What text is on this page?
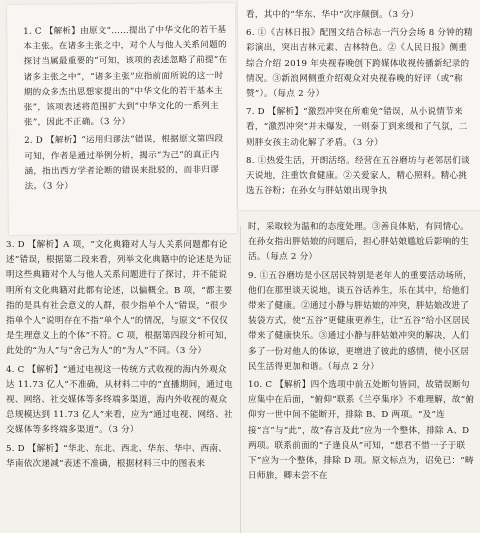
1. C 【解析】由原文“……提出了中华文化的若干基本主张。在诸多主张之中，对个人与他人关系问题的探讨当属最重要的”可知，该项的表述忽略了前提“在诸多主张之中”，“诸多主张”应指前面所说的这一时期的众多杰出思想家提出的“中华文化的若干基本主张”，该项表述将范围扩大到“中华文化的一系列主张”，因此不正确。（3 分）

2. D 【解析】“运用归谬法”错误，根据原文第四段可知，作者是通过举例分析，揭示“为己”的真正内涵，指出西方学者论断的错误来批驳的，而非归谬法。（3 分）

看，其中的“华东、华中”次序颠倒。（3 分）

6. ①《吉林日报》配图文结合标志一汽分会场 8 分钟的精彩演出，突出吉林元素、吉林特色。②《人民日报》侧重综合介绍 2019 年央视春晚创下跨媒体收视传播新纪录的情况。③新浪网侧重介绍观众对央视春晚的好评（或“称赞”）。（每点 2 分）

7. D 【解析】“激烈冲突在所难免”错误，从小说情节来看，“激烈冲突”并未爆发，一则泰丁到来缓和了气氛，二则胖女孩主动化解了矛盾。（3 分）

8. ①热爱生活，开朗活络。经营在五谷磨坊与老邻居们谈天说地，注重饮食健康。②关爱家人，精心照料。精心挑选五谷粉；在孙女与胖姑娘出现争执

3. D 【解析】A 项，“文化典籍对人与人关系问题都有论述”错误，根据第二段来看，列举文化典籍中的论述是为证明这些典籍对个人与他人关系问题进行了探讨，并不能说明所有文化典籍对此都有论述，以偏概全。B 项，“都主要指的是具有社会意义的人群，很少指单个人”错误，“很少指单个人”说明存在不指“单个人”的情况，与原文“不仅仅是生理意义上的个体”不符。C 项，根据第四段分析可知，此处的“为人”与“舍己为人”的“为人”不同。（3 分）

4. C 【解析】“通过电视这一传统方式收视的海内外观众达 11.73 亿人”不准确，从材料二中的“直播期间，通过电视、网络、社交媒体等多终端多渠道，海内外收视的观众总规模达到 11.73 亿人”来看，应为“通过电视、网络、社交媒体等多终端多渠道”。（3 分）

5. D 【解析】“华北、东北、西北、华东、华中、西南、华南依次递减”表述不准确，根据材料三中的图表来

时，采取较为温和的态度处理。③善良体贴，有同情心。在孙女指出胖姑娘的问题后，担心胖姑娘尴尬后影响的生活。（每点 2 分）

9. ①五谷磨坊是小区居民特别是老年人的重要活动场所，他们在那里谈天说地，谈五谷话养生，乐在其中，给他们带来了健康。②通过小静与胖姑娘的冲突，胖姑娘改进了装袋方式，使“五谷”更健康更养生，让“五谷”给小区居民带来了健康快乐。③通过小静与胖姑娘冲突的解决，人们多了一份对他人的体谅，更增进了彼此的感情，使小区居民生活得更加和谐。（每点 2 分）

10. C 【解析】四个选项中前五处断句皆同，故错误断句应集中在后面，“俯仰”联系《兰亭集序》不难理解，故“俯仰穷一世中间不能断开，排除 B、D 两项。“及”连接“言”与“此”，故“春言及此”应为一个整体，排除 A、D 两项。联系前面的“子逢良从”可知，“想君不惜一子于联下”应为一个整体，排除 D 项。原文标点为，诏免已：“畴日师旅，卿未尝不在
